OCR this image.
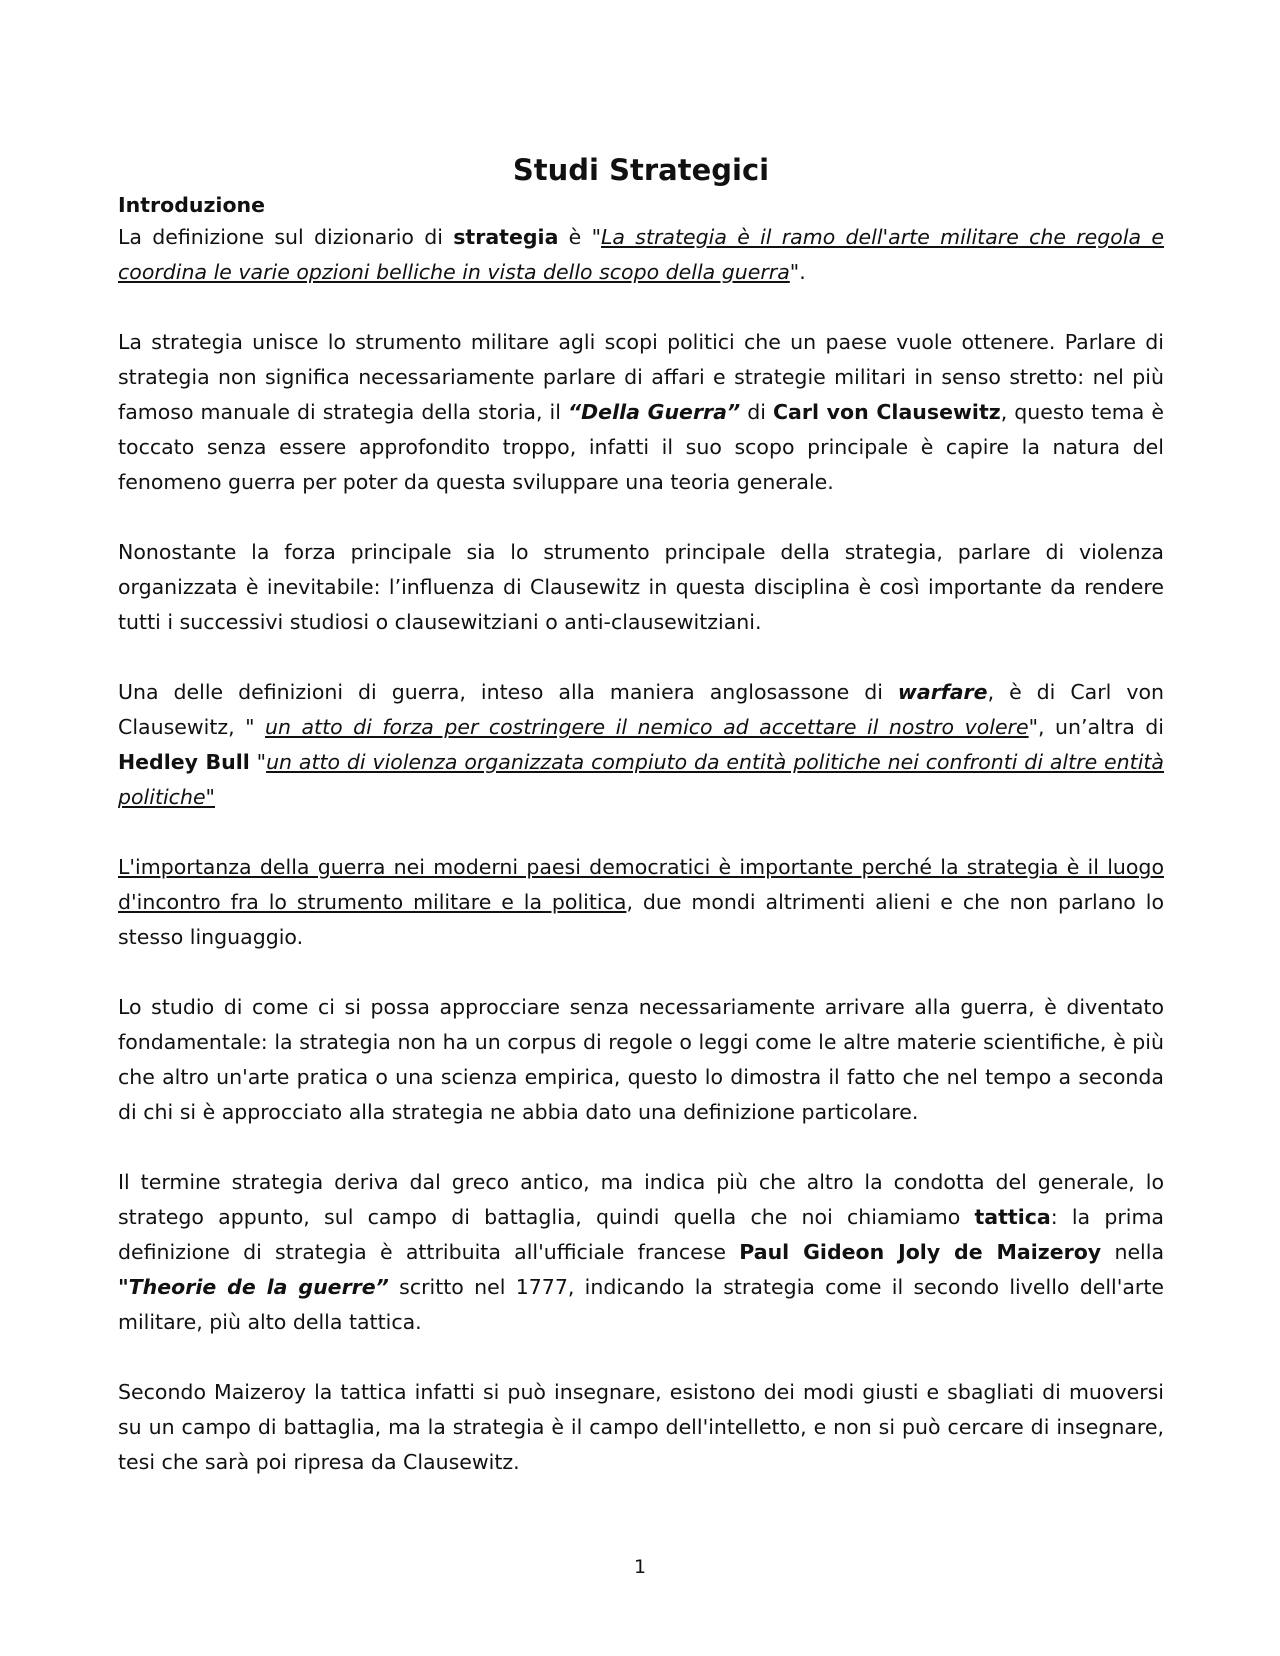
Studi Strategici
Introduzione

La definizione sul dizionario di strategia è "La strategia è il ramo dell'arte militare che regola e coordina le varie opzioni belliche in vista dello scopo della guerra".

La strategia unisce lo strumento militare agli scopi politici che un paese vuole ottenere. Parlare di strategia non significa necessariamente parlare di affari e strategie militari in senso stretto: nel più famoso manuale di strategia della storia, il “Della Guerra” di Carl von Clausewitz, questo tema è toccato senza essere approfondito troppo, infatti il suo scopo principale è capire la natura del fenomeno guerra per poter da questa sviluppare una teoria generale.

Nonostante la forza principale sia lo strumento principale della strategia, parlare di violenza organizzata è inevitabile: l’influenza di Clausewitz in questa disciplina è così importante da rendere tutti i successivi studiosi o clausewitziani o anti-clausewitziani.

Una delle definizioni di guerra, inteso alla maniera anglosassone di warfare, è di Carl von Clausewitz, " un atto di forza per costringere il nemico ad accettare il nostro volere", un’altra di Hedley Bull "un atto di violenza organizzata compiuto da entità politiche nei confronti di altre entità politiche"

L'importanza della guerra nei moderni paesi democratici è importante perché la strategia è il luogo d'incontro fra lo strumento militare e la politica, due mondi altrimenti alieni e che non parlano lo stesso linguaggio.

Lo studio di come ci si possa approcciare senza necessariamente arrivare alla guerra, è diventato fondamentale: la strategia non ha un corpus di regole o leggi come le altre materie scientifiche, è più che altro un'arte pratica o una scienza empirica, questo lo dimostra il fatto che nel tempo a seconda di chi si è approcciato alla strategia ne abbia dato una definizione particolare.

Il termine strategia deriva dal greco antico, ma indica più che altro la condotta del generale, lo stratego appunto, sul campo di battaglia, quindi quella che noi chiamiamo tattica: la prima definizione di strategia è attribuita all'ufficiale francese Paul Gideon Joly de Maizeroy nella "Theorie de la guerre” scritto nel 1777, indicando la strategia come il secondo livello dell'arte militare, più alto della tattica.

Secondo Maizeroy la tattica infatti si può insegnare, esistono dei modi giusti e sbagliati di muoversi su un campo di battaglia, ma la strategia è il campo dell'intelletto, e non si può cercare di insegnare, tesi che sarà poi ripresa da Clausewitz.

1
